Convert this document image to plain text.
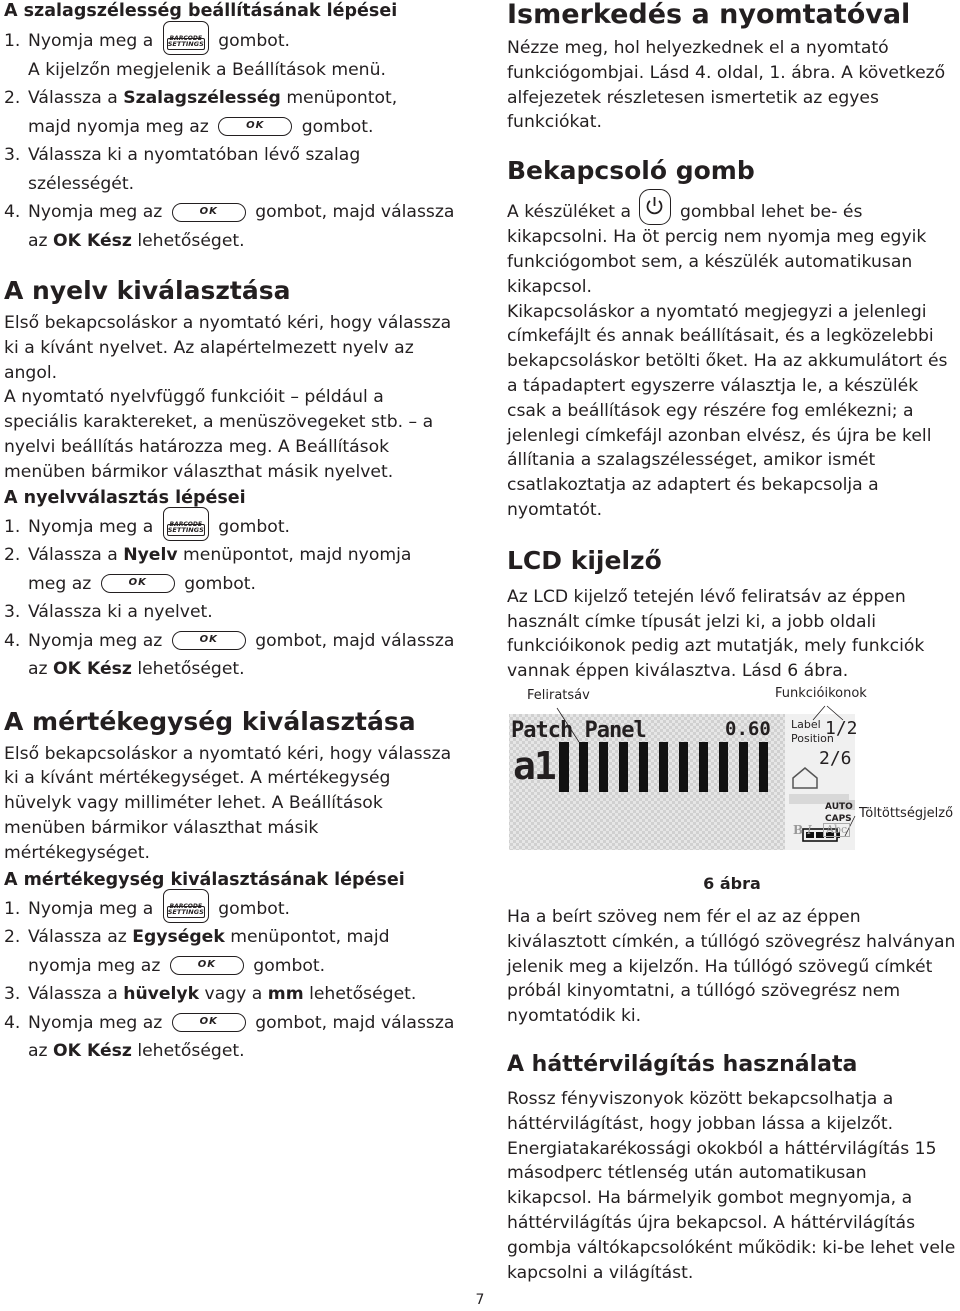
A szalagszélesség beállításának lépései
1. Nyomja meg a	BARCODE
SETTINGS gombot.
A kijelzőn megjelenik a Beállítások menü.
2. Válassza a Szalagszélesség menüpontot,
majd nyomja meg az	OK	gombot.
3. Válassza ki a nyomtatóban lévő szalag szélességét.
4. Nyomja meg az	OK	gombot, majd válassza
az OK Kész lehetőséget.
A nyelv kiválasztása

Első bekapcsoláskor a nyomtató kéri, hogy válassza ki a kívánt nyelvet. Az alapértelmezett nyelv az angol.

A nyomtató nyelvfüggő funkcióit – például a speciális karaktereket, a menüszövegeket stb. – a nyelvi beállítás határozza meg. A Beállítások menüben bármikor választhat másik nyelvet.

A nyelvválasztás lépései
1. Nyomja meg a	BARCODE
SETTINGS gombot.
2. Válassza a Nyelv menüpontot, majd nyomja
meg az	OK	gombot.
3. Válassza ki a nyelvet.
4. Nyomja meg az	OK	gombot, majd válassza
az OK Kész lehetőséget.
A mértékegység kiválasztása

Első bekapcsoláskor a nyomtató kéri, hogy válassza ki a kívánt mértékegységet. A mértékegység hüvelyk vagy milliméter lehet. A Beállítások menüben bármikor választhat másik mértékegységet.

A mértékegység kiválasztásának lépései
1. Nyomja meg a	BARCODE
SETTINGS gombot.
2. Válassza az Egységek menüpontot, majd
nyomja meg az	OK	gombot.
3. Válassza a hüvelyk vagy a mm lehetőséget.
4. Nyomja meg az	OK	gombot, majd válassza
az OK Kész lehetőséget.
Ismerkedés a nyomtatóval

Nézze meg, hol helyezkednek el a nyomtató funkciógombjai. Lásd 4. oldal, 1. ábra. A következő alfejezetek részletesen ismertetik az egyes funkciókat.

Bekapcsoló gomb

A készüléket a	gombbal lehet be- és kikapcsolni. Ha öt percig nem nyomja meg egyik funkciógombot sem, a készülék automatikusan kikapcsol.

Kikapcsoláskor a nyomtató megjegyzi a jelenlegi címkefájlt és annak beállításait, és a legközelebbi bekapcsoláskor betölti őket. Ha az akkumulátort és a tápadaptert egyszerre választja le, a készülék csak a beállítások egy részére fog emlékezni; a jelenlegi címkefájl azonban elvész, és újra be kell állítania a szalagszélességet, amikor ismét csatlakoztatja az adaptert és bekapcsolja a nyomtatót.

LCD kijelző

Az LCD kijelző tetején lévő feliratsáv az éppen használt címke típusát jelzi ki, a jobb oldali funkcióikonok pedig azt mutatják, mely funkciók vannak éppen kiválasztva. Lásd 6 ábra.

Feliratsáv	Funkcióikonok
Töltöttségjelző
Patch Panel	0.60
a1
Label 1/2
Position
2/6
AUTO
CAPS
B I Abc
6 ábra

Ha a beírt szöveg nem fér el az az éppen kiválasztott címkén, a túllógó szövegrész halványan jelenik meg a kijelzőn. Ha túllógó szövegű címkét próbál kinyomtatni, a túllógó szövegrész nem nyomtatódik ki.

A háttérvilágítás használata

Rossz fényviszonyok között bekapcsolhatja a háttérvilágítást, hogy jobban lássa a kijelzőt. Energiatakarékossági okokból a háttérvilágítás 15 másodperc tétlenség után automatikusan kikapcsol. Ha bármelyik gombot megnyomja, a háttérvilágítás újra bekapcsol. A háttérvilágítás gombja váltókapcsolóként működik: ki-be lehet vele kapcsolni a világítást.

7
